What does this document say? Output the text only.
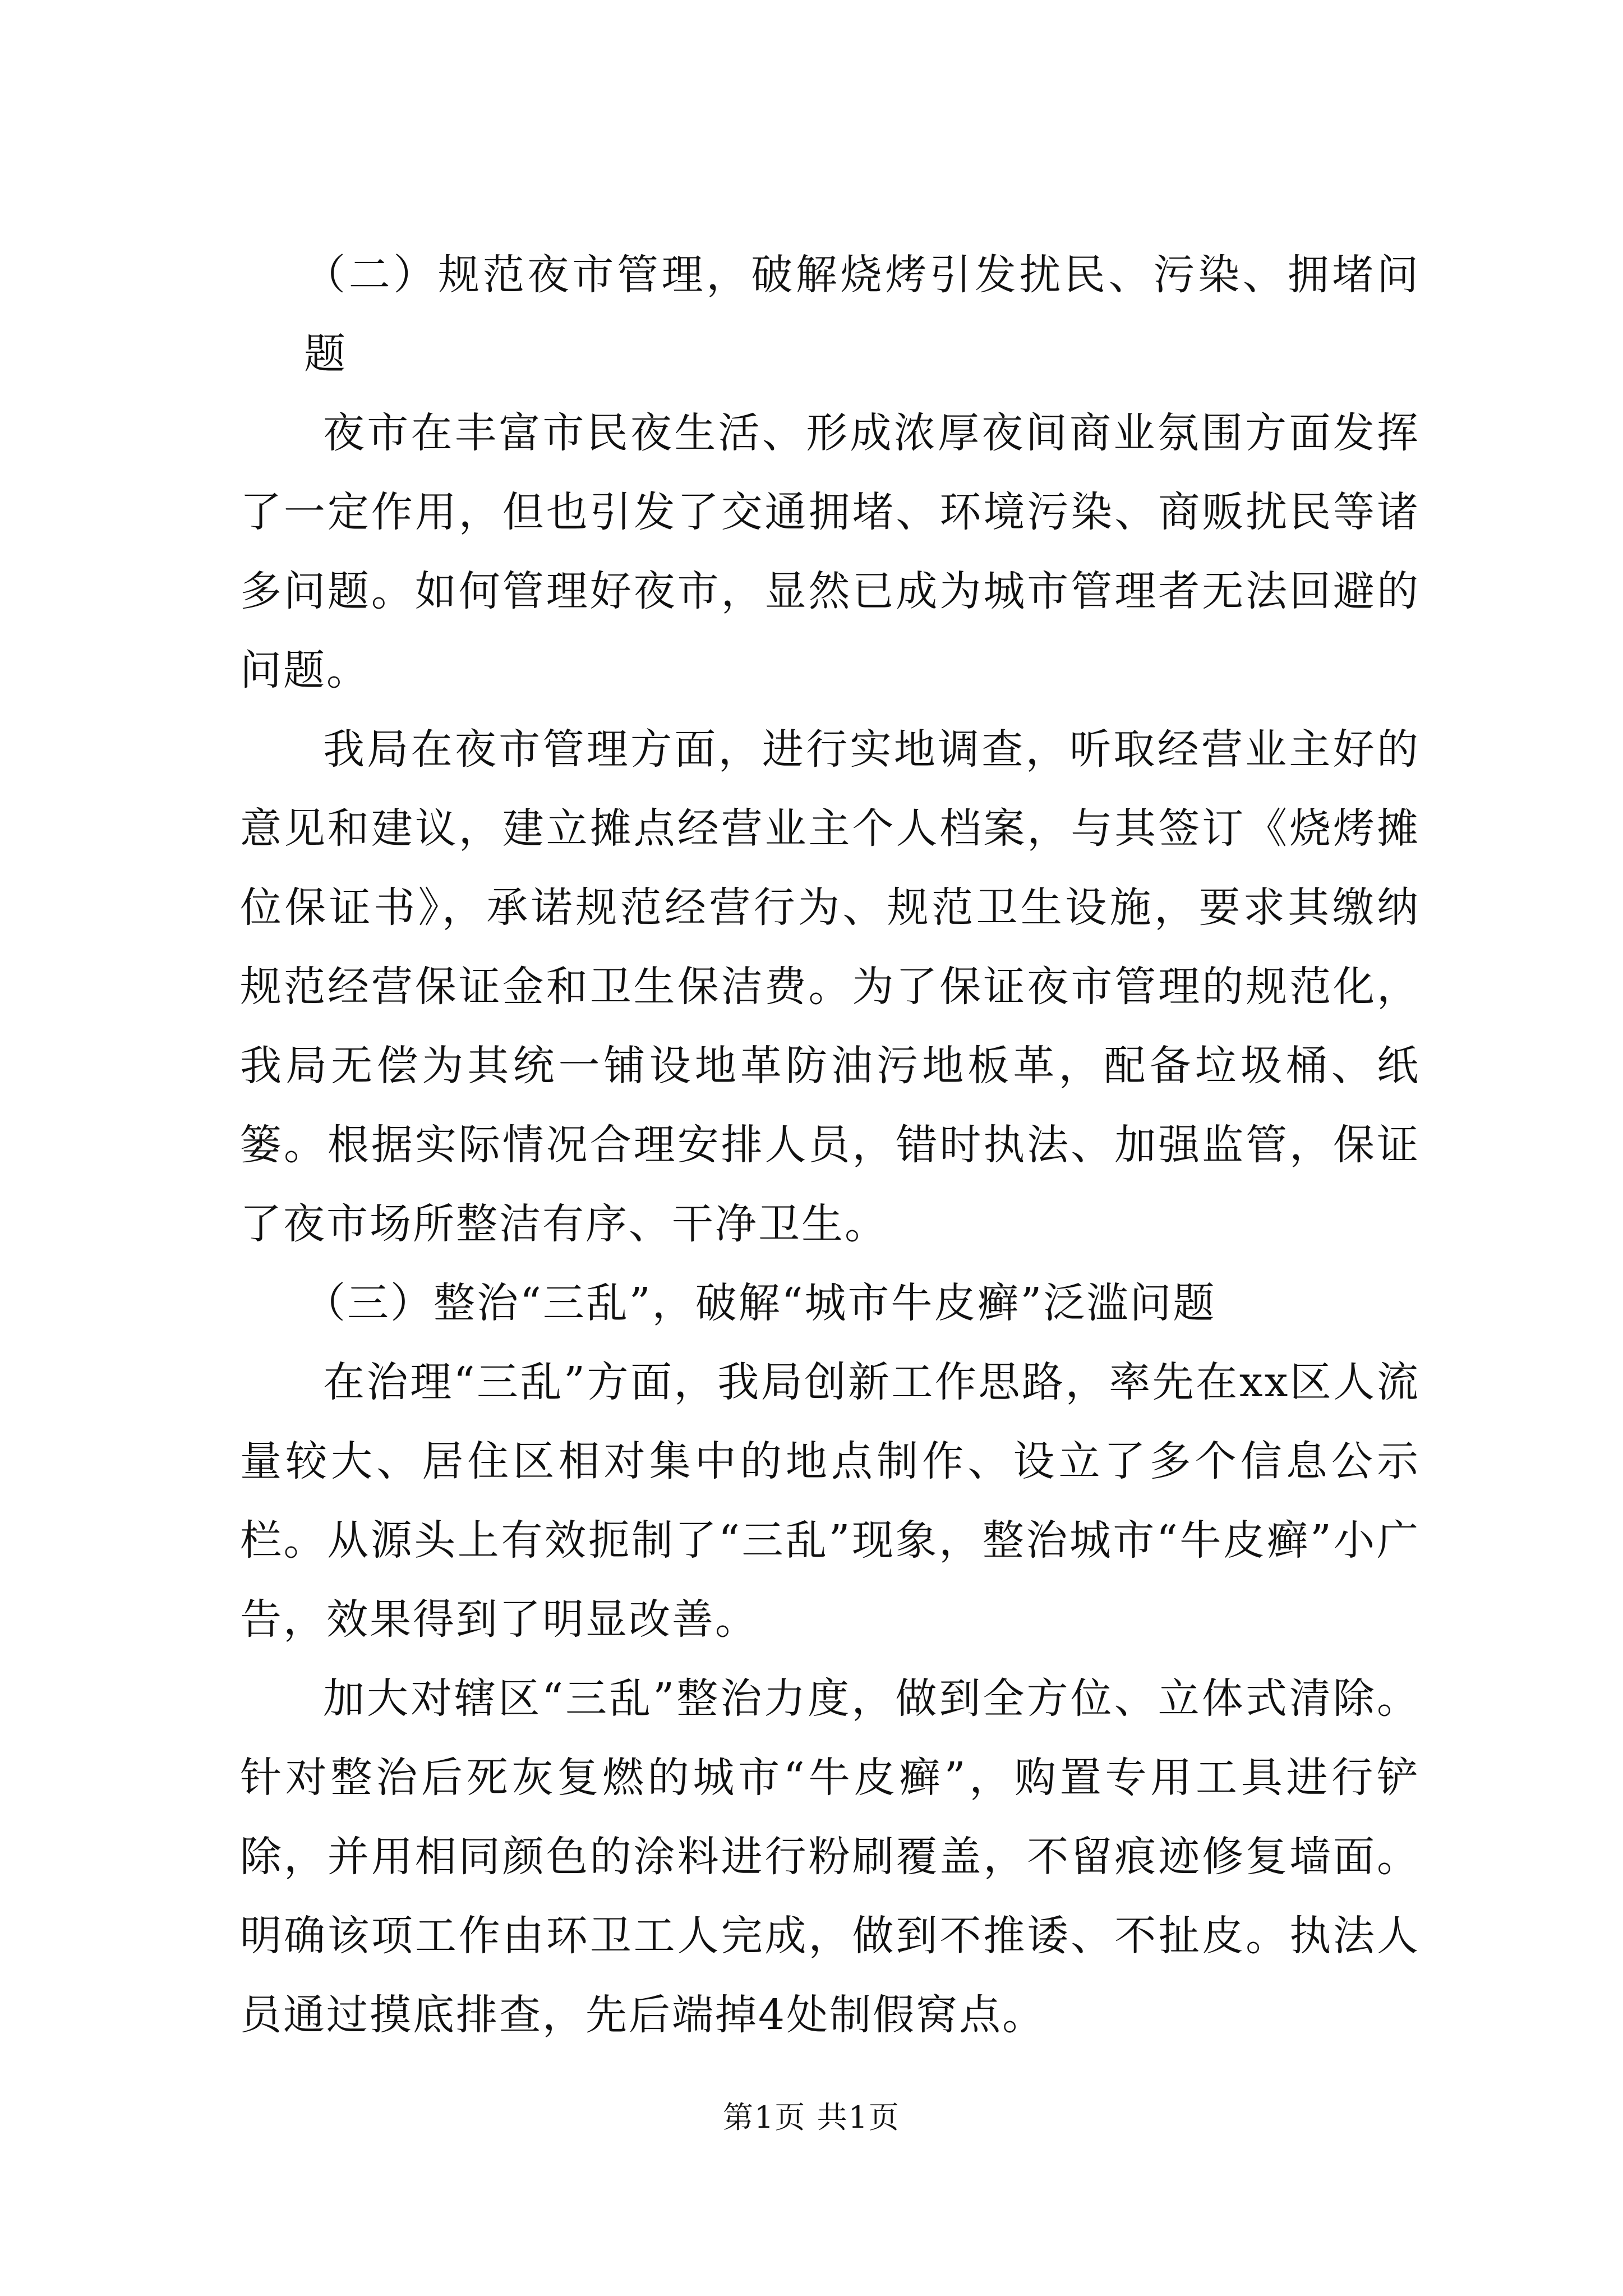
（二）规范夜市管理，破解烧烤引发扰民、污染、拥堵问题

夜市在丰富市民夜生活、形成浓厚夜间商业氛围方面发挥了一定作用，但也引发了交通拥堵、环境污染、商贩扰民等诸多问题。如何管理好夜市，显然已成为城市管理者无法回避的问题。

我局在夜市管理方面，进行实地调查，听取经营业主好的意见和建议，建立摊点经营业主个人档案，与其签订《烧烤摊位保证书》，承诺规范经营行为、规范卫生设施，要求其缴纳规范经营保证金和卫生保洁费。为了保证夜市管理的规范化，我局无偿为其统一铺设地革防油污地板革，配备垃圾桶、纸篓。根据实际情况合理安排人员，错时执法、加强监管，保证了夜市场所整洁有序、干净卫生。

（三）整治“三乱”，破解“城市牛皮癣”泛滥问题

在治理“三乱”方面，我局创新工作思路，率先在xx区人流量较大、居住区相对集中的地点制作、设立了多个信息公示栏。从源头上有效扼制了“三乱”现象，整治城市“牛皮癣”小广告，效果得到了明显改善。

加大对辖区“三乱”整治力度，做到全方位、立体式清除。针对整治后死灰复燃的城市“牛皮癣”，购置专用工具进行铲除，并用相同颜色的涂料进行粉刷覆盖，不留痕迹修复墙面。明确该项工作由环卫工人完成，做到不推诿、不扯皮。执法人员通过摸底排查，先后端掉4处制假窝点。

第1页 共1页
